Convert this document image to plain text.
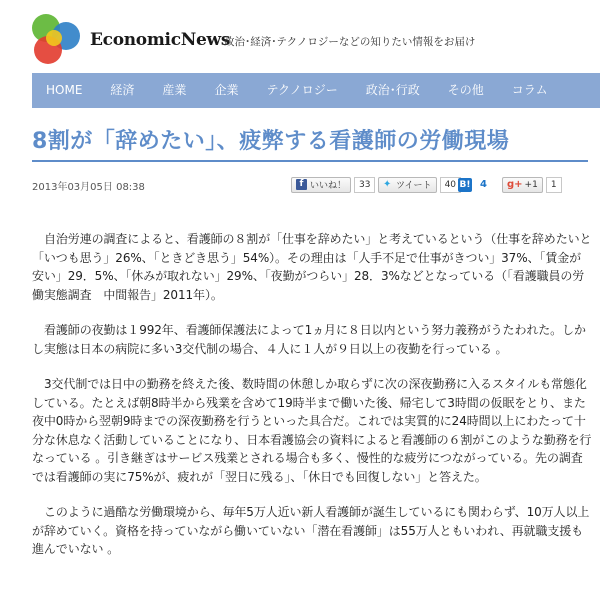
EconomicNews
政治･経済･テクノロジーなどの知りたい情報をお届け
HOME	経済	産業	企業	テクノロジー	政治･行政	その他	コラム
8割が「辞めたい」、疲弊する看護師の労働現場
2013年03月05日 08:38	f いいね！	33	✦ ツイート	40 B! 4	g+ +1	1

自治労連の調査によると、看護師の８割が「仕事を辞めたい」と考えているという（仕事を辞めたいと「いつも思う」26%、「ときどき思う」54%）。その理由は「人手不足で仕事がきつい」37%、「賃金が安い」29．5%、「休みが取れない」29%、「夜勤がつらい」28．3%などとなっている（「看護職員の労働実態調査　中間報告」2011年）。

看護師の夜勤は１992年、看護師保護法によって1ヵ月に８日以内という努力義務がうたわれた。しかし実態は日本の病院に多い3交代制の場合、４人に１人が９日以上の夜勤を行っている 。

3交代制では日中の勤務を終えた後、数時間の休憩しか取らずに次の深夜勤務に入るスタイルも常態化している。たとえば朝8時半から残業を含めて19時半まで働いた後、帰宅して3時間の仮眠をとり、また夜中0時から翌朝9時までの深夜勤務を行うといった具合だ。これでは実質的に24時間以上にわたって十分な休息なく活動していることになり、日本看護協会の資料によると看護師の６割がこのような勤務を行なっている 。引き継ぎはサービス残業とされる場合も多く、慢性的な疲労につながっている。先の調査では看護師の実に75%が、疲れが「翌日に残る」、「休日でも回復しない」と答えた。

このように過酷な労働環境から、毎年5万人近い新人看護師が誕生しているにも関わらず、10万人以上が辞めていく。資格を持っていながら働いていない「潜在看護師」は55万人ともいわれ、再就職支援も進んでいない 。
